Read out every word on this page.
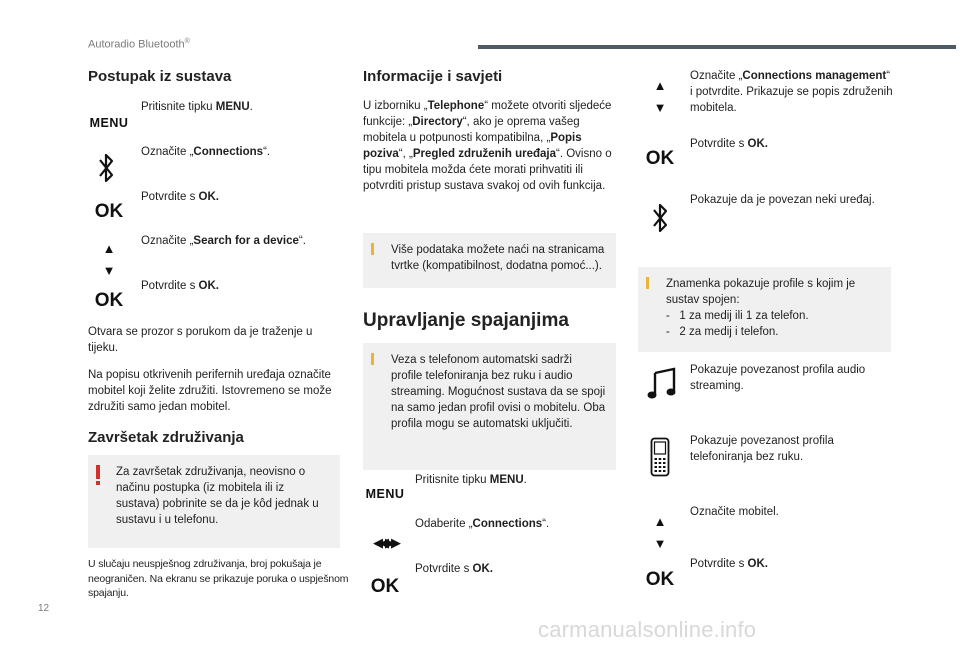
Autoradio Bluetooth®
12
carmanualsonline.info
Postupak iz sustava
MENU
Pritisnite tipku MENU.
Označite „Connections“.
OK
Potvrdite s OK.
▲
▼
Označite „Search for a device“.
OK
Potvrdite s OK.
Otvara se prozor s porukom da je traženje u tijeku.
Na popisu otkrivenih perifernih uređaja označite mobitel koji želite združiti. Istovremeno se može združiti samo jedan mobitel.
Završetak združivanja
Za završetak združivanja, neovisno o načinu postupka (iz mobitela ili iz sustava) pobrinite se da je kôd jednak u sustavu i u telefonu.
U slučaju neuspješnog združivanja, broj pokušaja je neograničen. Na ekranu se prikazuje poruka o uspješnom spajanju.
Informacije i savjeti
U izborniku „Telephone“ možete otvoriti sljedeće funkcije: „Directory“, ako je oprema vašeg mobitela u potpunosti kompatibilna, „Popis poziva“, „Pregled združenih uređaja“. Ovisno o tipu mobitela možda ćete morati prihvatiti ili potvrditi pristup sustava svakoj od ovih funkcija.
Više podataka možete naći na stranicama tvrtke (kompatibilnost, dodatna pomoć...).
Upravljanje spajanjima
Veza s telefonom automatski sadrži profile telefoniranja bez ruku i audio streaming. Mogućnost sustava da se spoji na samo jedan profil ovisi o mobitelu. Oba profila mogu se automatski uključiti.
MENU
Pritisnite tipku MENU.
◀◀   ▶▶
Odaberite „Connections“.
OK
Potvrdite s OK.
▲
▼
Označite „Connections management“ i potvrdite. Prikazuje se popis združenih mobitela.
OK
Potvrdite s OK.
Pokazuje da je povezan neki uređaj.
Znamenka pokazuje profile s kojim je sustav spojen:
-   1 za medij ili 1 za telefon.
-   2 za medij i telefon.
Pokazuje povezanost profila audio streaming.
Pokazuje povezanost profila telefoniranja bez ruku.
▲
▼
Označite mobitel.
OK
Potvrdite s OK.
